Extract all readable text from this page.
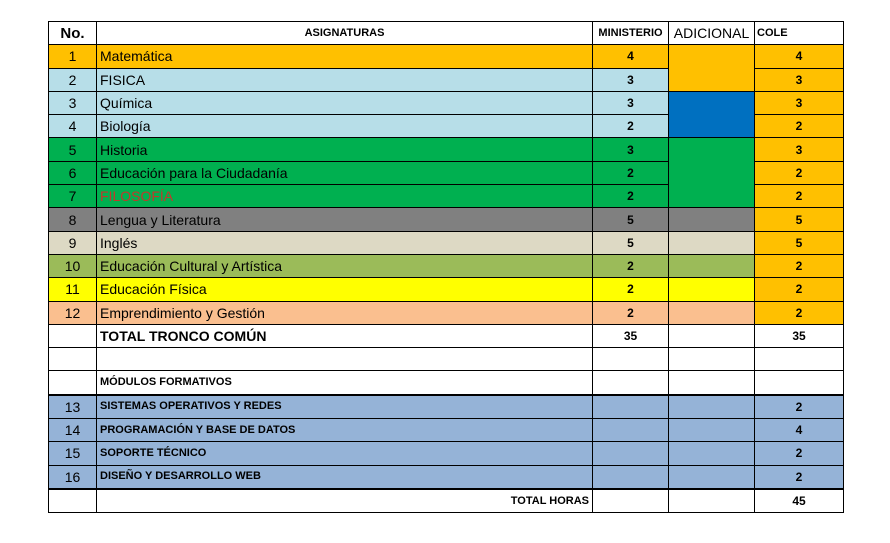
No.	ASIGNATURAS	MINISTERIO	ADICIONAL	COLE
1	Matemática	4		4
2	FISICA	3		3
3	Química	3		3
4	Biología	2		2
5	Historia	3		3
6	Educación para la Ciudadanía	2		2
7	FILOSOFÍA	2		2
8	Lengua y Literatura	5		5
9	Inglés	5		5
10	Educación Cultural y Artística	2		2
11	Educación Física	2		2
12	Emprendimiento y Gestión	2		2
	TOTAL TRONCO COMÚN	35		35

	MÓDULOS FORMATIVOS			
13	SISTEMAS OPERATIVOS Y REDES			2
14	PROGRAMACIÓN Y BASE DE DATOS			4
15	SOPORTE TÉCNICO			2
16	DISEÑO Y DESARROLLO WEB			2
	TOTAL HORAS			45
